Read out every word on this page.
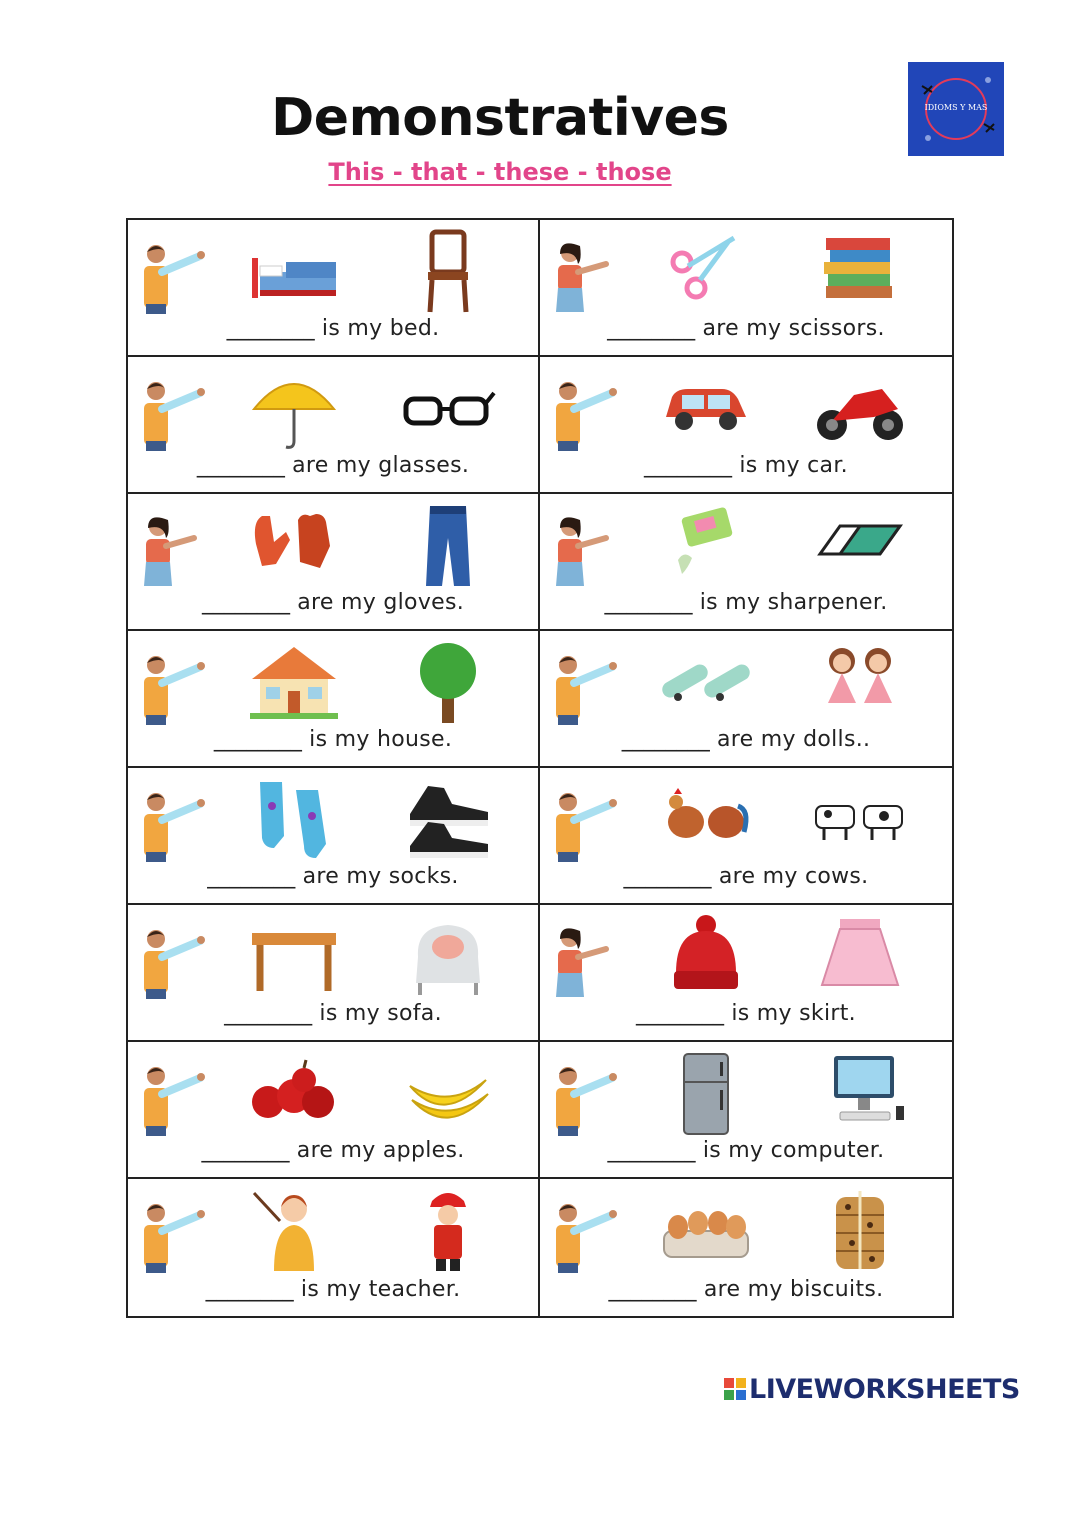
Demonstratives
This - that - these - those
IDIOMS Y MAS
________ is my bed.	________ are my scissors.
________ are my glasses.	________ is my car.
________ are my gloves.	________ is my sharpener.
________ is my house.	________ are my dolls..
________ are my socks.	________ are my cows.
________ is my sofa.	________ is my skirt.
________ are my apples.	________ is my computer.
________ is my teacher.	________ are my biscuits.
LIVEWORKSHEETS
